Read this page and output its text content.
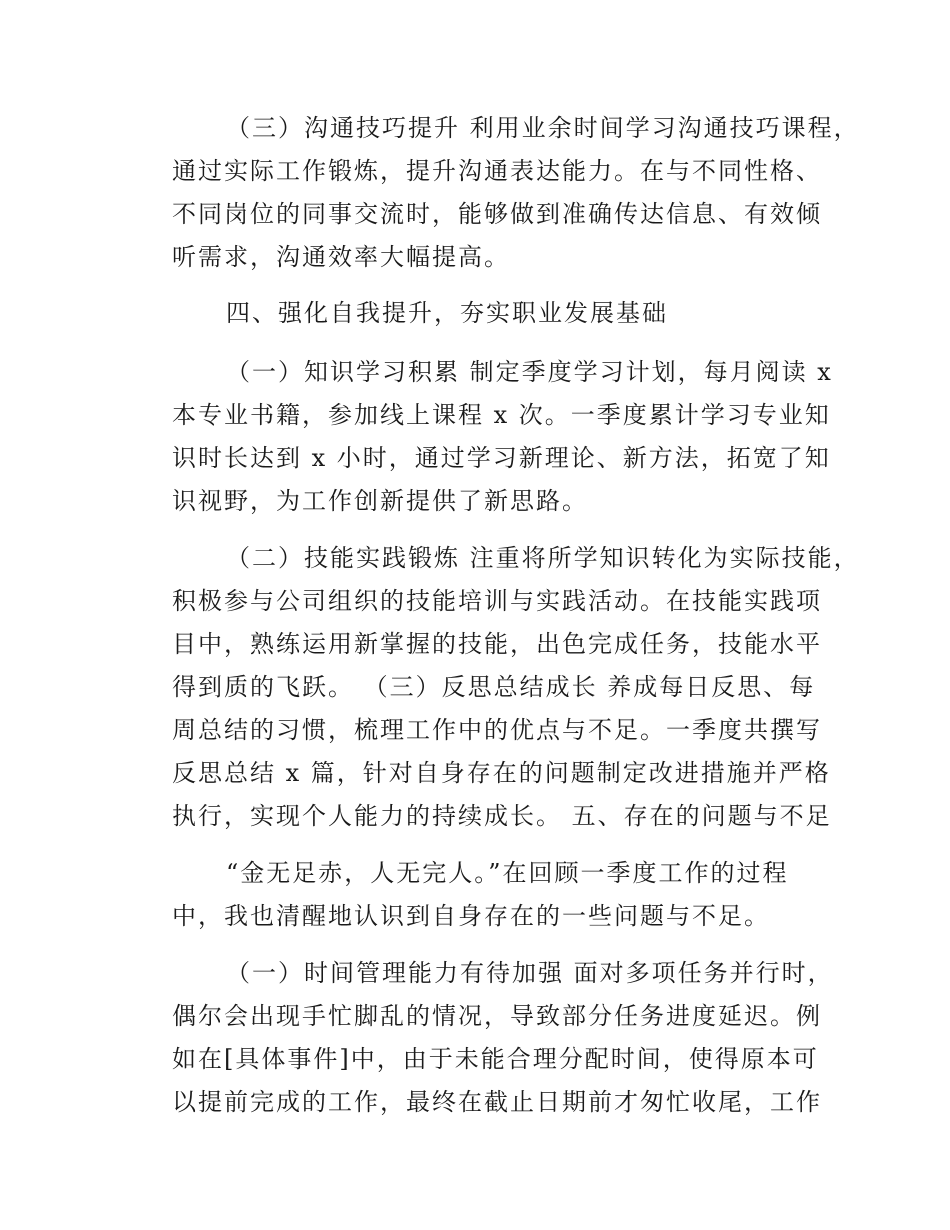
（三）沟通技巧提升 利用业余时间学习沟通技巧课程，
通过实际工作锻炼，提升沟通表达能力。在与不同性格、
不同岗位的同事交流时，能够做到准确传达信息、有效倾
听需求，沟通效率大幅提高。
四、强化自我提升，夯实职业发展基础
（一）知识学习积累 制定季度学习计划，每月阅读 x
本专业书籍，参加线上课程 x 次。一季度累计学习专业知
识时长达到 x 小时，通过学习新理论、新方法，拓宽了知
识视野，为工作创新提供了新思路。
（二）技能实践锻炼 注重将所学知识转化为实际技能，
积极参与公司组织的技能培训与实践活动。在技能实践项
目中，熟练运用新掌握的技能，出色完成任务，技能水平
得到质的飞跃。 （三）反思总结成长 养成每日反思、每
周总结的习惯，梳理工作中的优点与不足。一季度共撰写
反思总结 x 篇，针对自身存在的问题制定改进措施并严格
执行，实现个人能力的持续成长。 五、存在的问题与不足
“金无足赤，人无完人。”在回顾一季度工作的过程
中，我也清醒地认识到自身存在的一些问题与不足。
（一）时间管理能力有待加强 面对多项任务并行时，
偶尔会出现手忙脚乱的情况，导致部分任务进度延迟。例
如在[具体事件]中，由于未能合理分配时间，使得原本可
以提前完成的工作，最终在截止日期前才匆忙收尾，工作
